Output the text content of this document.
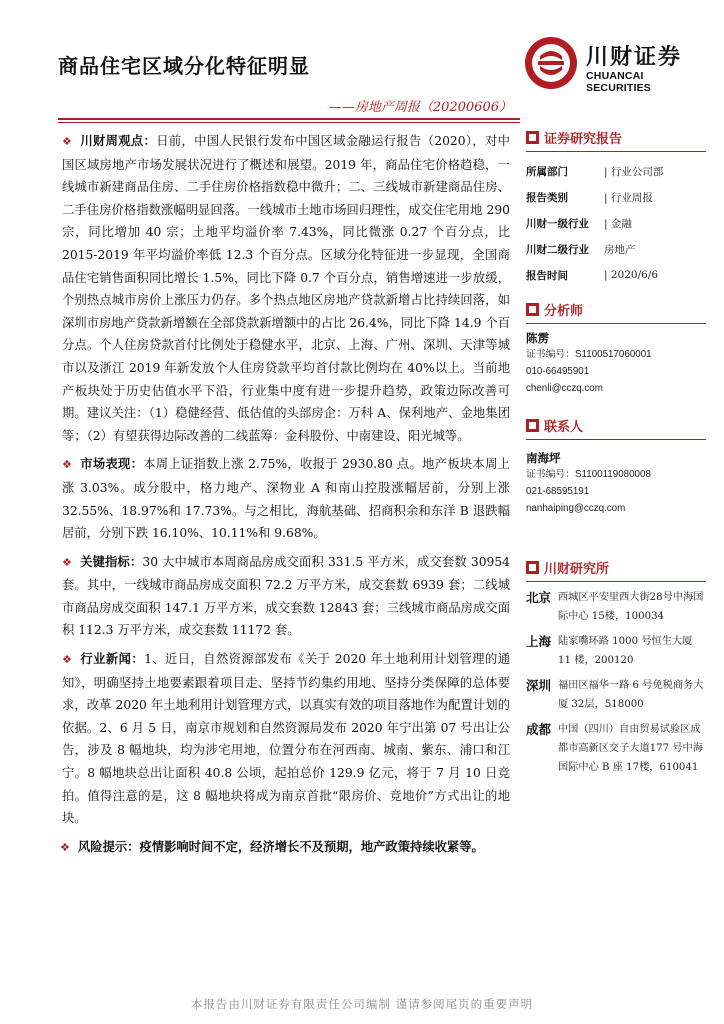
商品住宅区域分化特征明显
——房地产周报（20200606）
川财证券
CHUANCAI SECURITIES

❖ 川财周观点：日前，中国人民银行发布中国区域金融运行报告（2020），对中国区域房地产市场发展状况进行了概述和展望。2019 年，商品住宅价格趋稳，一线城市新建商品住房、二手住房价格指数稳中微升；二、三线城市新建商品住房、二手住房价格指数涨幅明显回落。一线城市土地市场回归理性，成交住宅用地 290 宗，同比增加 40 宗；土地平均溢价率 7.43%，同比微涨 0.27 个百分点，比 2015-2019 年平均溢价率低 12.3 个百分点。区域分化特征进一步显现，全国商品住宅销售面积同比增长 1.5%，同比下降 0.7 个百分点，销售增速进一步放缓，个别热点城市房价上涨压力仍存。多个热点地区房地产贷款新增占比持续回落，如深圳市房地产贷款新增额在全部贷款新增额中的占比 26.4%，同比下降 14.9 个百分点。个人住房贷款首付比例处于稳健水平，北京、上海、广州、深圳、天津等城市以及浙江 2019 年新发放个人住房贷款平均首付款比例均在 40%以上。当前地产板块处于历史估值水平下沿，行业集中度有进一步提升趋势，政策边际改善可期。建议关注：（1）稳健经营、低估值的头部房企：万科 A、保利地产、金地集团等；（2）有望获得边际改善的二线蓝筹：金科股份、中南建设、阳光城等。

❖ 市场表现：本周上证指数上涨 2.75%，收报于 2930.80 点。地产板块本周上涨 3.03%。成分股中，格力地产、深物业 A 和南山控股涨幅居前，分别上涨 32.55%、18.97%和 17.73%。与之相比，海航基础、招商积余和东洋 B 退跌幅居前，分别下跌 16.10%、10.11%和 9.68%。

❖ 关键指标：30 大中城市本周商品房成交面积 331.5 平方米，成交套数 30954 套。其中，一线城市商品房成交面积 72.2 万平方米，成交套数 6939 套；二线城市商品房成交面积 147.1 万平方米，成交套数 12843 套；三线城市商品房成交面积 112.3 万平方米，成交套数 11172 套。

❖ 行业新闻：1、近日，自然资源部发布《关于 2020 年土地利用计划管理的通知》，明确坚持土地要素跟着项目走、坚持节约集约用地、坚持分类保障的总体要求，改革 2020 年土地利用计划管理方式，以真实有效的项目落地作为配置计划的依据。2、6 月 5 日，南京市规划和自然资源局发布 2020 年宁出第 07 号出让公告，涉及 8 幅地块，均为涉宅用地，位置分布在河西南、城南、紫东、浦口和江宁。8 幅地块总出让面积 40.8 公顷，起拍总价 129.9 亿元，将于 7 月 10 日竞拍。值得注意的是，这 8 幅地块将成为南京首批“限房价、竞地价”方式出让的地块。

❖ 风险提示：疫情影响时间不定，经济增长不及预期，地产政策持续收紧等。

证券研究报告
所属部门	| 行业公司部
报告类别	| 行业周报
川财一级行业	| 金融
川财二级行业	房地产
报告时间	| 2020/6/6
分析师
陈雳
证书编号：S1100517060001
010-66495901
chenli@cczq.com
联系人
南海坪
证书编号：S1100119080008
021-68595191
nanhaiping@cczq.com
川财研究所
北京 西城区平安里西大街28号中海国际中心 15楼，100034
上海 陆家嘴环路 1000 号恒生大厦 11 楼，200120
深圳 福田区福华一路 6 号免税商务大厦 32层，518000
成都 中国（四川）自由贸易试验区成都市高新区交子大道177 号中海国际中心 B 座 17楼，610041
本报告由川财证券有限责任公司编制 谨请参阅尾页的重要声明
